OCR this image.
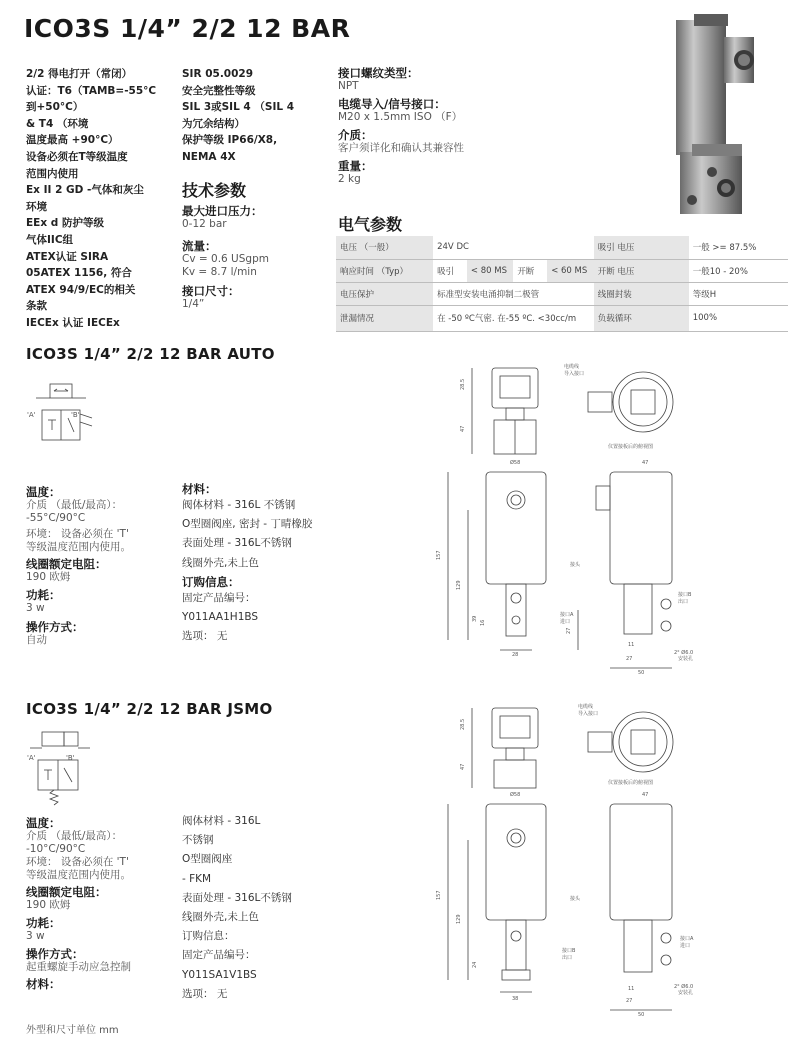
ICO3S 1/4” 2/2 12 BAR
2/2 得电打开（常闭）
认证：T6（TAMB=-55°C
到+50°C）
& T4 （环境
温度最高 +90°C）
设备必须在T等级温度
范围内使用
Ex II 2 GD -气体和灰尘
环境
EEx d 防护等级
气体IIC组
ATEX认证 SIRA
05ATEX 1156, 符合
ATEX 94/9/EC的相关
条款
IECEx 认证 IECEx
SIR 05.0029
安全完整性等级
SIL 3或SIL 4 （SIL 4
为冗余结构）
保护等级 IP66/X8,
NEMA 4X
技术参数
最大进口压力：
0-12 bar
流量：
Cv = 0.6 USgpm
Kv = 8.7 l/min
接口尺寸：
1/4”
接口螺纹类型：
NPT
电缆导入/信号接口：
M20 x 1.5mm ISO （F）
介质：
客户须详化和确认其兼容性
重量：
2 kg
电气参数
电压 （一般）	24V DC				吸引 电压	一般 >= 87.5%
响应时间 （Typ）	吸引	< 80 MS	开断	< 60 MS	开断 电压	一般10 - 20%
电压保护	标准型安装电涌抑制二极管				线圈封装	等级H
泄漏情况	在 -50 ºC气密. 在-55 ºC. <30cc/m				负载循环	100%
ICO3S 1/4” 2/2 12 BAR AUTO
'A'	'B'
温度：
介质 （最低/最高）：
-55°C/90°C
环境： 设备必须在 'T'
等级温度范围内使用。
线圈额定电阻：
190 欧姆
功耗：
3 w
操作方式：
自动
材料：
阀体材料 - 316L 不锈钢
O型圈阀座, 密封 - 丁晴橡胶
表面处理 - 316L不锈钢
线圈外壳,未上色
订购信息：
固定产品编号：
Y011AA1H1BS
选项： 无
28.5
47
电缆线
导入接口
仪置接板后的俯视图
Ø58
157
129
39
16
28
47
接头
接口B
出口
接口A
进口
2° Ø6.0
安装孔
27
11
27
50
ICO3S 1/4” 2/2 12 BAR JSMO
'A'	'B'
温度：
介质 （最低/最高）：
-10°C/90°C
环境： 设备必须在 'T'
等级温度范围内使用。
线圈额定电阻：
190 欧姆
功耗：
3 w
操作方式：
起重螺旋手动应急控制
材料：
阀体材料 - 316L
不锈钢
O型圈阀座
- FKM
表面处理 - 316L不锈钢
线圈外壳,未上色
订购信息：
固定产品编号：
Y011SA1V1BS
选项： 无
28.5
47
电缆线
导入接口
仪置接板后的俯视图
Ø58
157
129
24
38
47
接头
接口A
进口
接口B
出口
2° Ø6.0
安装孔
11
27
50
外型和尺寸单位 mm
